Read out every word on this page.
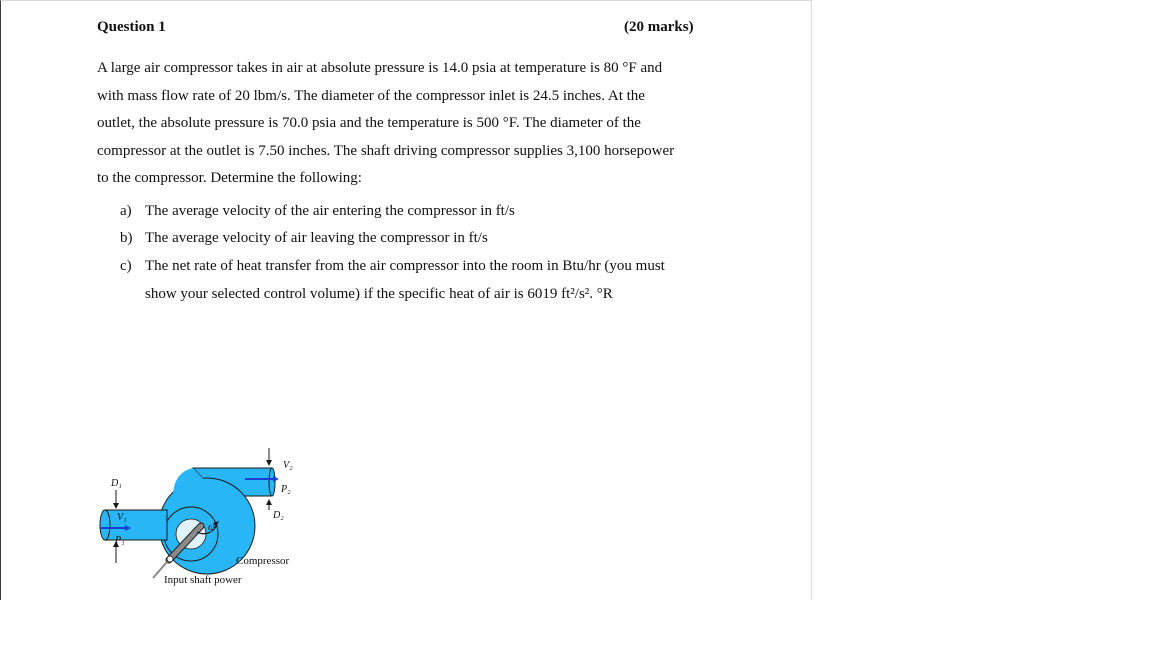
Question 1	(20 marks)
A large air compressor takes in air at absolute pressure is 14.0 psia at temperature is 80 °F and
with mass flow rate of 20 lbm/s. The diameter of the compressor inlet is 24.5 inches. At the
outlet, the absolute pressure is 70.0 psia and the temperature is 500 °F. The diameter of the
compressor at the outlet is 7.50 inches. The shaft driving compressor supplies 3,100 horsepower
to the compressor. Determine the following:
a) The average velocity of the air entering the compressor in ft/s
b) The average velocity of air leaving the compressor in ft/s
c) The net rate of heat transfer from the air compressor into the room in Btu/hr (you must
show your selected control volume) if the specific heat of air is 6019 ft²/s². °R
D₁
V₁
P₁
V₂
P₂
D₂
ω
Compressor
Input shaft power
